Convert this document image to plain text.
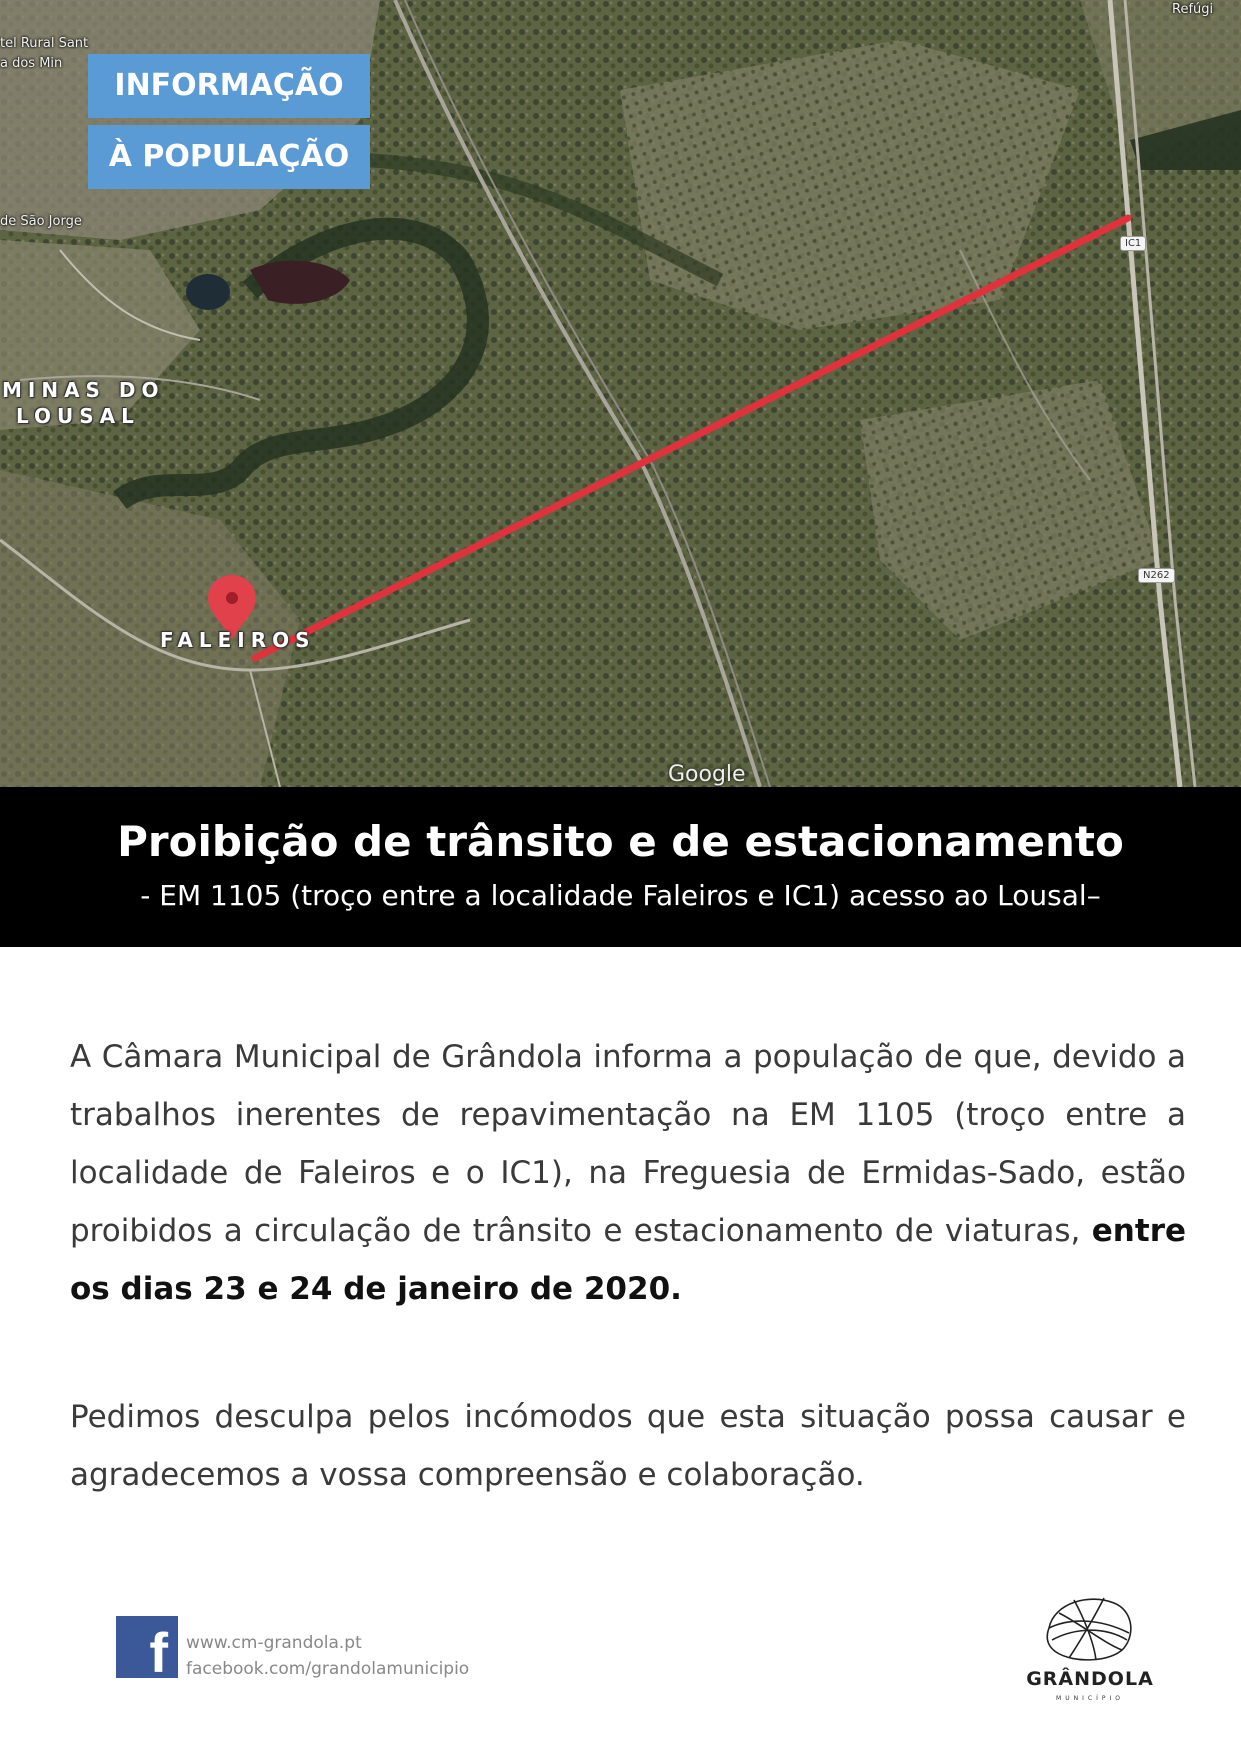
tel Rural Sant
a dos Min
de São Jorge
MINAS DO
LOUSAL
FALEIROS
Refúgi
IC1
N262
Google
INFORMAÇÃO
À POPULAÇÃO
Proibição de trânsito e de estacionamento
- EM 1105 (troço entre a localidade Faleiros e IC1) acesso ao Lousal–
A Câmara Municipal de Grândola informa a população de que, devido a trabalhos inerentes de repavimentação na EM 1105 (troço entre a localidade de Faleiros e o IC1), na Freguesia de Ermidas-Sado, estão proibidos a circulação de trânsito e estacionamento de viaturas, entre os dias 23 e 24 de janeiro de 2020.
Pedimos desculpa pelos incómodos que esta situação possa causar e agradecemos a vossa compreensão e colaboração.
f	www.cm-grandola.pt
facebook.com/grandolamunicipio	GRÂNDOLA
MUNICÍPIO
